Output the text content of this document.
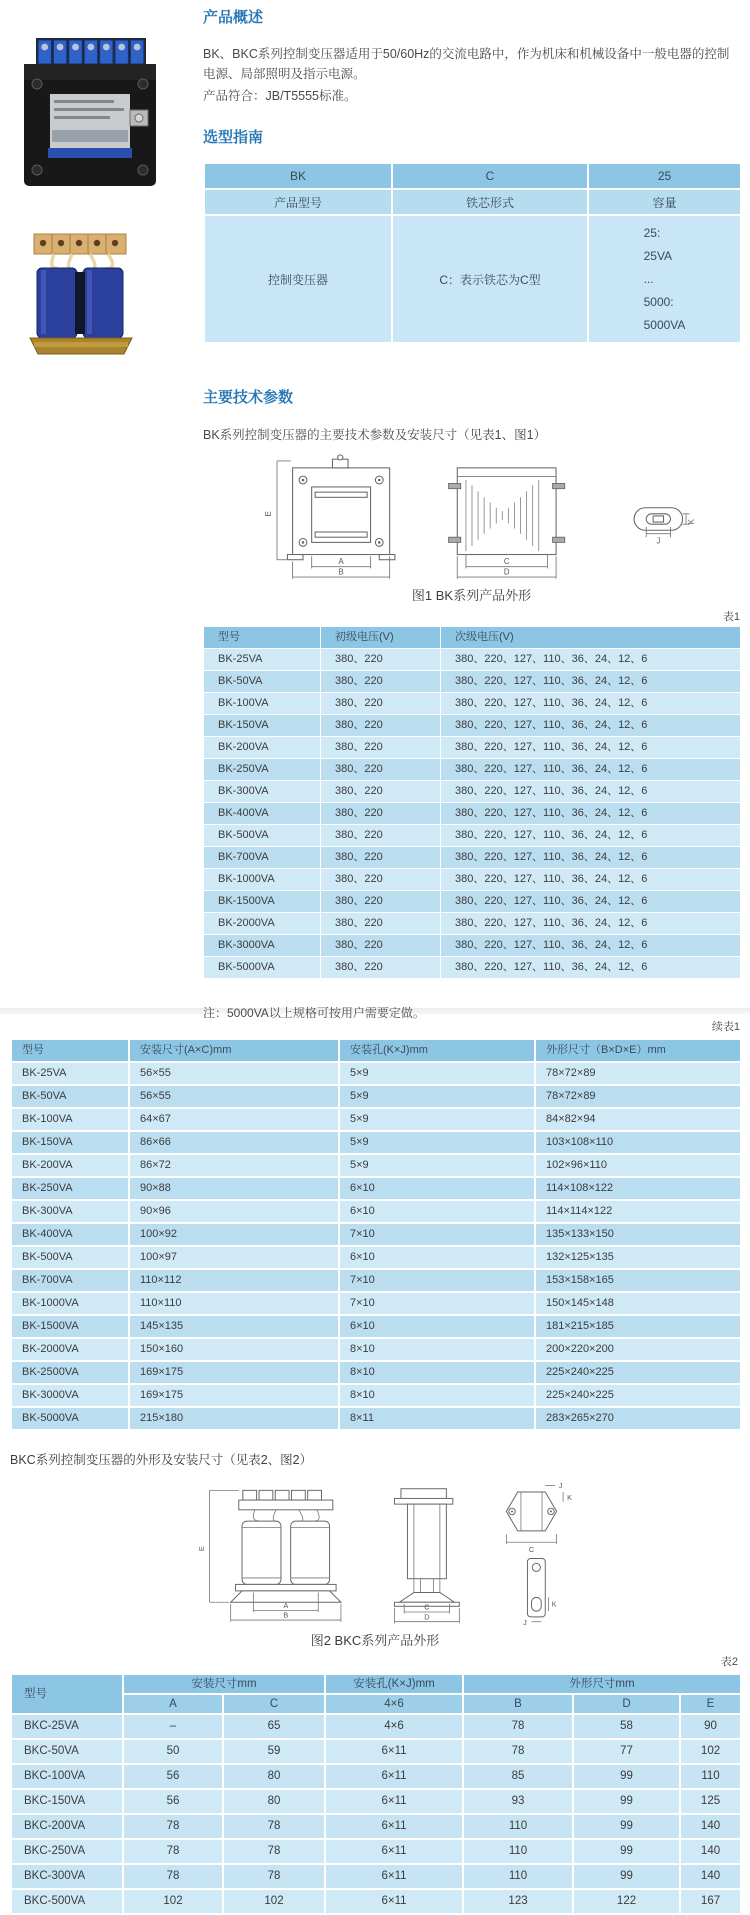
产品概述

BK、BKC系列控制变压器适用于50/60Hz的交流电路中，作为机床和机械设备中一般电器的控制电源、局部照明及指示电源。

产品符合：JB/T5555标准。

选型指南
BK	C	25
产品型号	铁芯形式	容量
控制变压器	C：表示铁芯为C型	25:
25VA
...
5000:
5000VA
主要技术参数

BK系列控制变压器的主要技术参数及安装尺寸（见表1、图1）

E
A
B
C
D
K
J

图1 BK系列产品外形

表1
型号	初级电压(V)	次级电压(V)
BK-25VA	380、220	380、220、127、110、36、24、12、6
BK-50VA	380、220	380、220、127、110、36、24、12、6
BK-100VA	380、220	380、220、127、110、36、24、12、6
BK-150VA	380、220	380、220、127、110、36、24、12、6
BK-200VA	380、220	380、220、127、110、36、24、12、6
BK-250VA	380、220	380、220、127、110、36、24、12、6
BK-300VA	380、220	380、220、127、110、36、24、12、6
BK-400VA	380、220	380、220、127、110、36、24、12、6
BK-500VA	380、220	380、220、127、110、36、24、12、6
BK-700VA	380、220	380、220、127、110、36、24、12、6
BK-1000VA	380、220	380、220、127、110、36、24、12、6
BK-1500VA	380、220	380、220、127、110、36、24、12、6
BK-2000VA	380、220	380、220、127、110、36、24、12、6
BK-3000VA	380、220	380、220、127、110、36、24、12、6
BK-5000VA	380、220	380、220、127、110、36、24、12、6

注：5000VA以上规格可按用户需要定做。

续表1
型号	安装尺寸(A×C)mm	安装孔(K×J)mm	外形尺寸（B×D×E）mm
BK-25VA	56×55	5×9	78×72×89
BK-50VA	56×55	5×9	78×72×89
BK-100VA	64×67	5×9	84×82×94
BK-150VA	86×66	5×9	103×108×110
BK-200VA	86×72	5×9	102×96×110
BK-250VA	90×88	6×10	114×108×122
BK-300VA	90×96	6×10	114×114×122
BK-400VA	100×92	7×10	135×133×150
BK-500VA	100×97	6×10	132×125×135
BK-700VA	110×112	7×10	153×158×165
BK-1000VA	110×110	7×10	150×145×148
BK-1500VA	145×135	6×10	181×215×185
BK-2000VA	150×160	8×10	200×220×200
BK-2500VA	169×175	8×10	225×240×225
BK-3000VA	169×175	8×10	225×240×225
BK-5000VA	215×180	8×11	283×265×270

BKC系列控制变压器的外形及安装尺寸（见表2、图2）

E
A
B
C
D
J
K
C
K
J

图2 BKC系列产品外形

表2
型号	安装尺寸mm		安装孔(K×J)mm	外形尺寸mm		
	A	C	4×6	B	D	E
BKC-25VA	–	65	4×6	78	58	90
BKC-50VA	50	59	6×11	78	77	102
BKC-100VA	56	80	6×11	85	99	110
BKC-150VA	56	80	6×11	93	99	125
BKC-200VA	78	78	6×11	110	99	140
BKC-250VA	78	78	6×11	110	99	140
BKC-300VA	78	78	6×11	110	99	140
BKC-500VA	102	102	6×11	123	122	167
